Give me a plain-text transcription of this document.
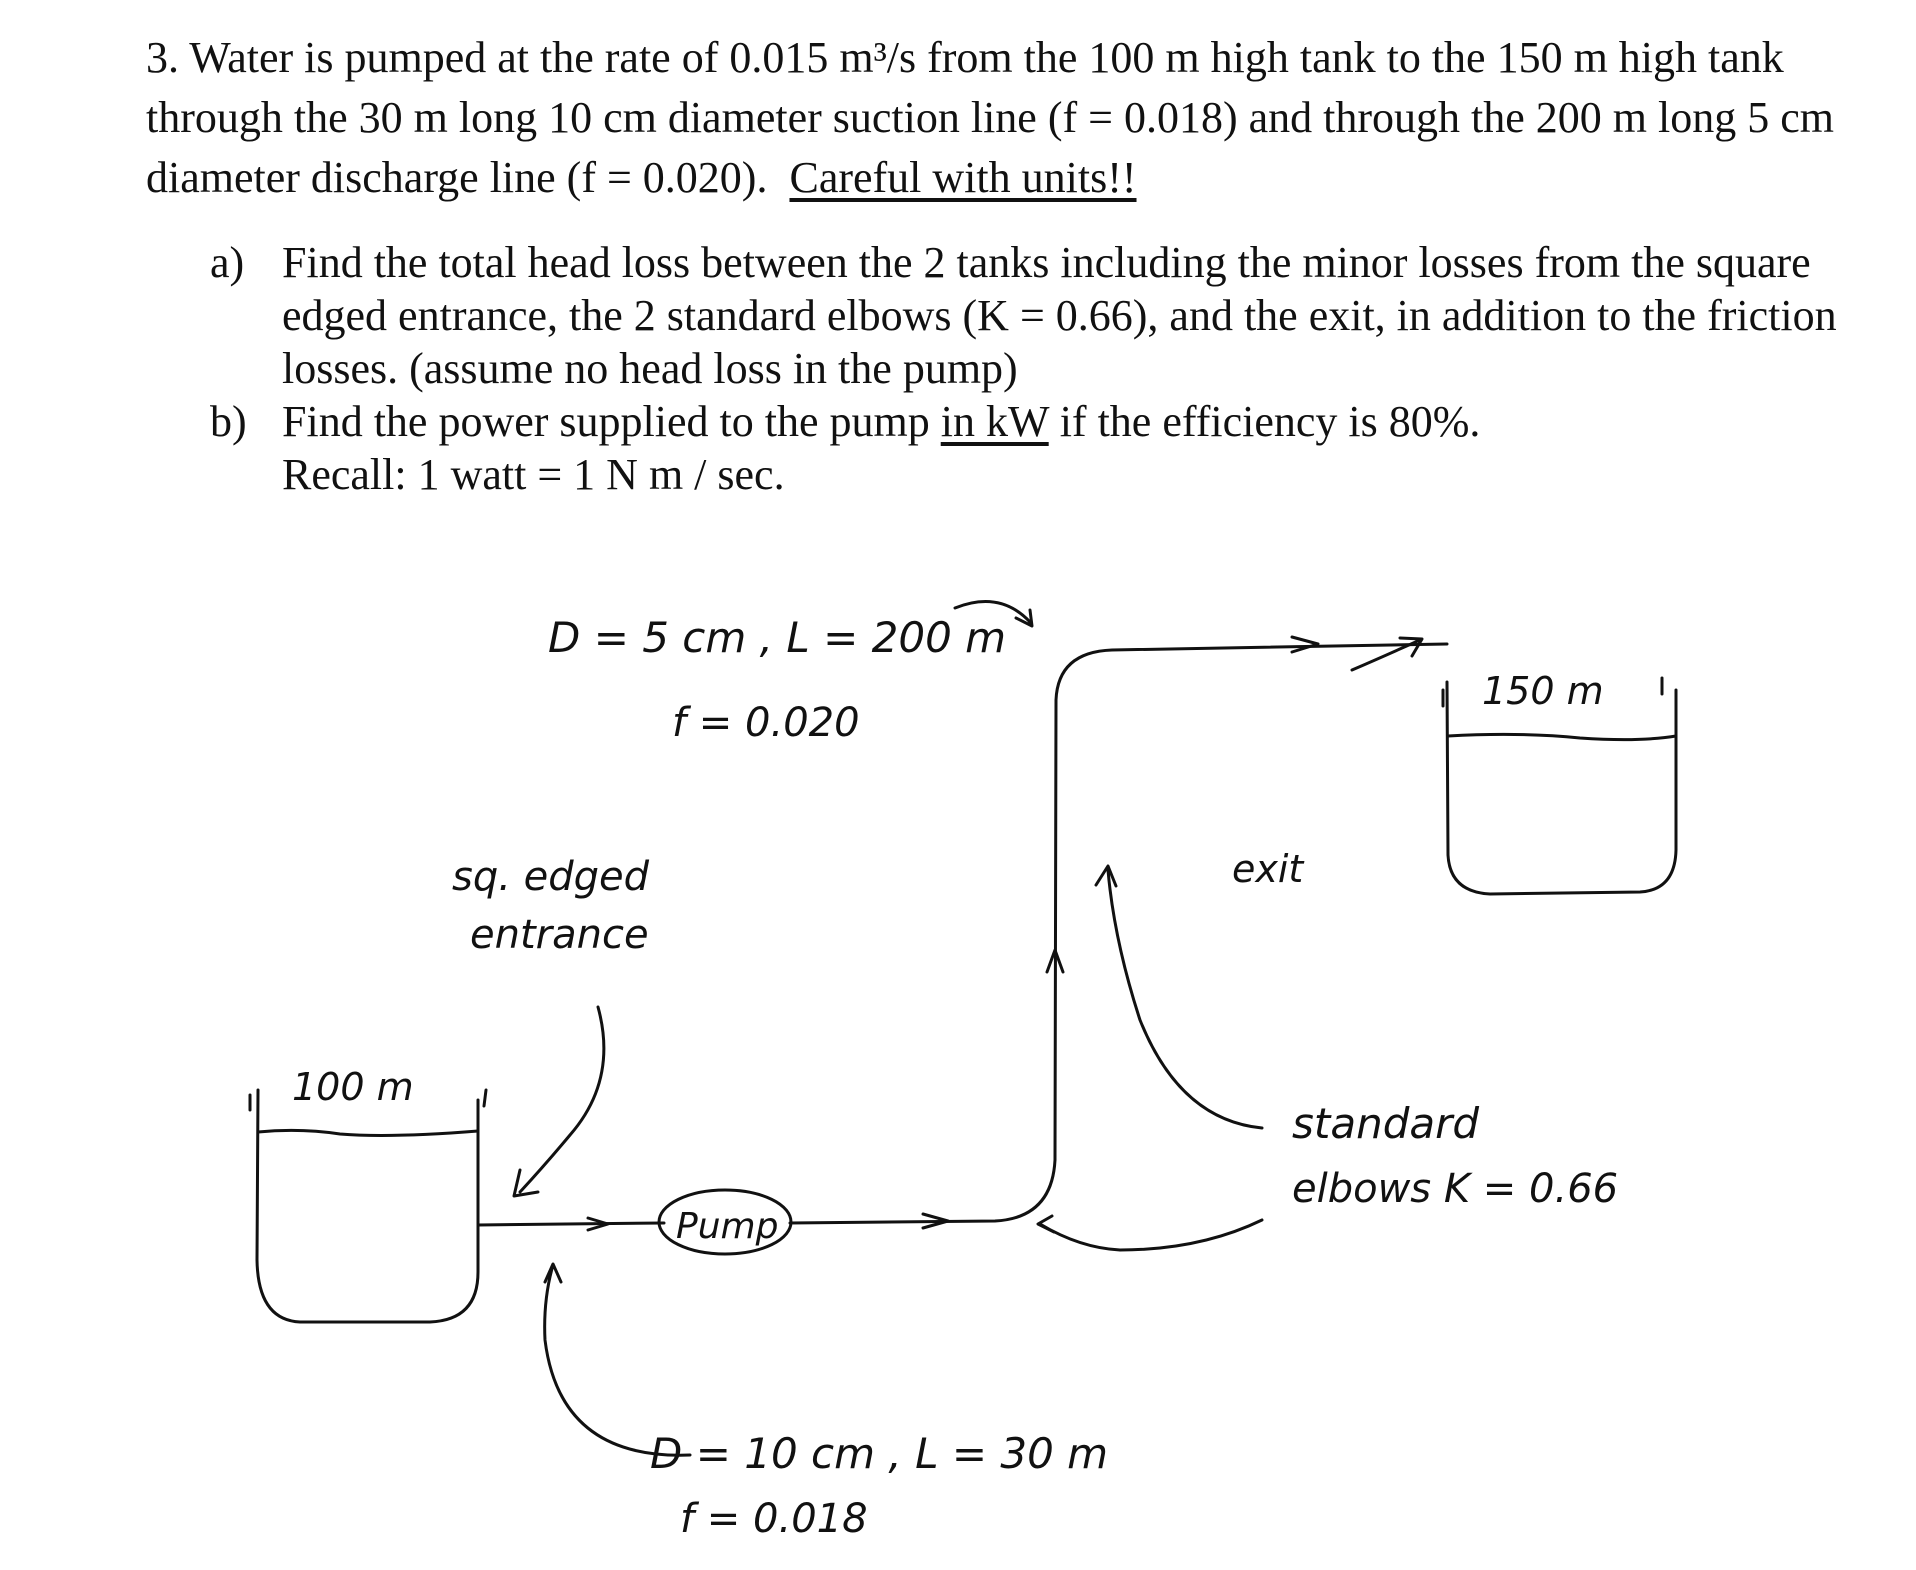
3. Water is pumped at the rate of 0.015 m³/s from the 100 m high tank to the 150 m high tank

through the 30 m long 10 cm diameter suction line (f = 0.018) and through the 200 m long 5 cm

diameter discharge line (f = 0.020). Careful with units!!

a) Find the total head loss between the 2 tanks including the minor losses from the square edged entrance, the 2 standard elbows (K = 0.66), and the exit, in addition to the friction losses. (assume no head loss in the pump)
b) Find the power supplied to the pump in kW if the efficiency is 80%.
Recall: 1 watt = 1 N m / sec.
D = 5 cm , L = 200 m
f = 0.020
150 m
100 m
sq. edged
entrance
exit
Pump
standard
elbows K = 0.66
D = 10 cm , L = 30 m
f = 0.018
